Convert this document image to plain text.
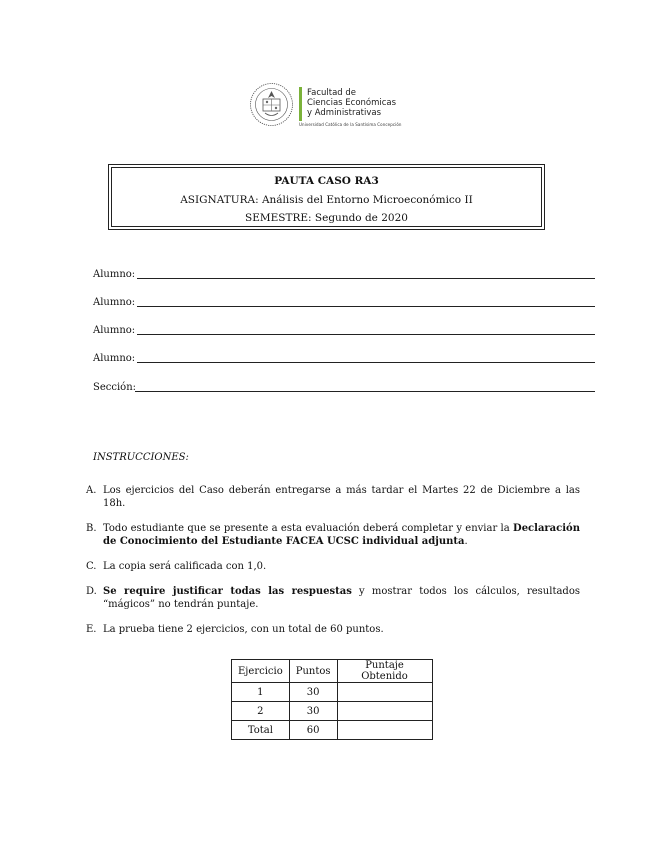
Facultad de
Ciencias Económicas
y Administrativas
Universidad Católica de la Santísima Concepción
PAUTA CASO RA3
ASIGNATURA: Análisis del Entorno Microeconómico II
SEMESTRE: Segundo de 2020
Alumno:
Alumno:
Alumno:
Alumno:
Sección:
INSTRUCCIONES:
A. Los ejercicios del Caso deberán entregarse a más tardar el Martes 22 de Diciembre a las 18h.
B. Todo estudiante que se presente a esta evaluación deberá completar y enviar la Declaración de Conocimiento del Estudiante FACEA UCSC individual adjunta.
C. La copia será calificada con 1,0.
D. Se require justificar todas las respuestas y mostrar todos los cálculos, resultados “mágicos” no tendrán puntaje.
E. La prueba tiene 2 ejercicios, con un total de 60 puntos.
Ejercicio	Puntos	Puntaje Obtenido
1	30	
2	30	
Total	60	
